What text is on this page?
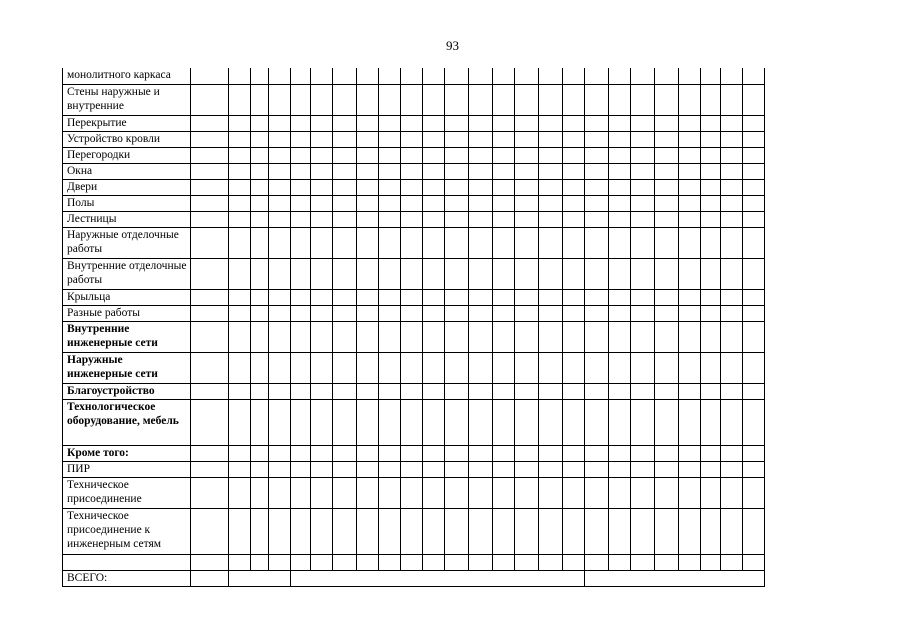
93
монолитного каркаса																									
Стены наружные и внутренние																									
Перекрытие																									
Устройство кровли																									
Перегородки																									
Окна																									
Двери																									
Полы																									
Лестницы																									
Наружные отделочные работы																									
Внутренние отделочные работы																									
Крыльца																									
Разные работы																									
Внутренние инженерные сети																									
Наружные инженерные сети																									
Благоустройство																									
Технологическое оборудование, мебель																									
Кроме того:																									
ПИР																									
Техническое присоединение																									
Техническое присоединение к инженерным сетям																									

ВСЕГО:																									
